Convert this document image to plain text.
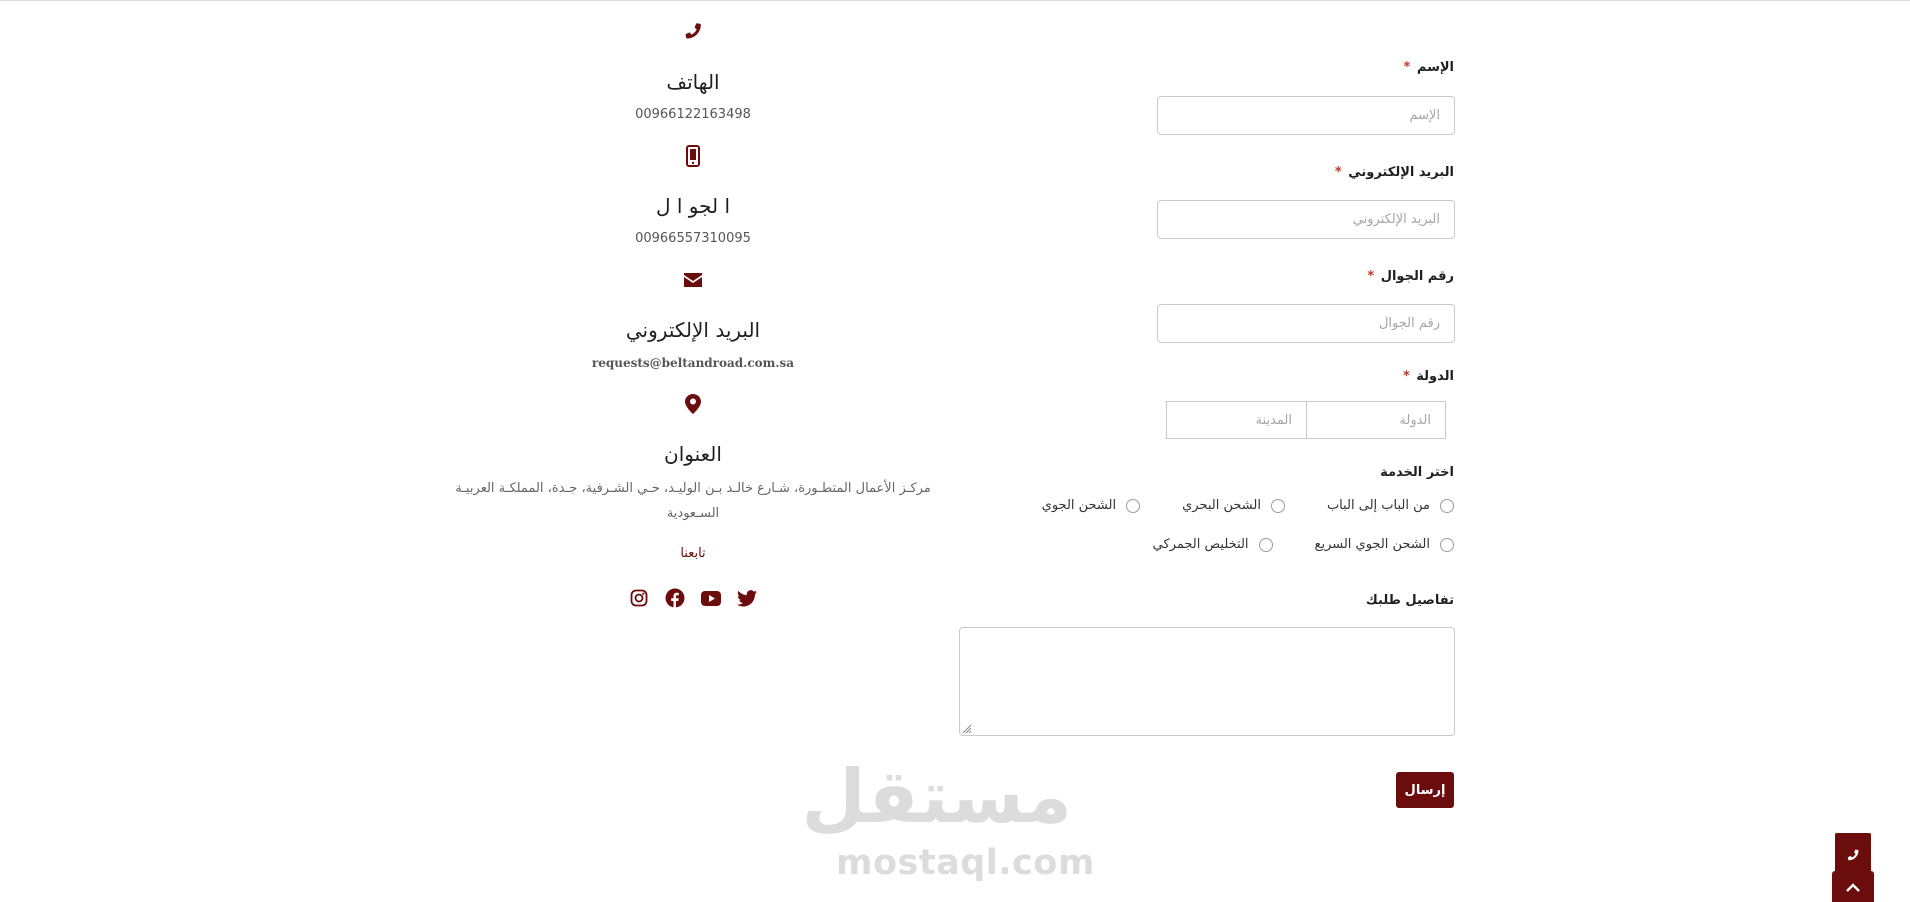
الهاتف
00966122163498
ا لجو ا ل
00966557310095
البريد الإلكتروني
requests@beltandroad.com.sa
العنوان
مركـز الأعمال المتطـورة، شـارع خالـد بـن الوليـد، حـي الشـرفية، جـدة، المملكـة العربيـة السـعودية
تابعنا
الإسم *
الإسم
البريد الإلكتروني *
البريد الإلكتروني
رقم الجوال *
رقم الجوال
الدولة *
الدولة
المدينة
اختر الخدمة
من الباب إلى الباب
الشحن البحري
الشحن الجوي
الشحن الجوي السريع
التخليص الجمركي
تفاصيل طلبك
إرسال
مستقل
mostaql.com
